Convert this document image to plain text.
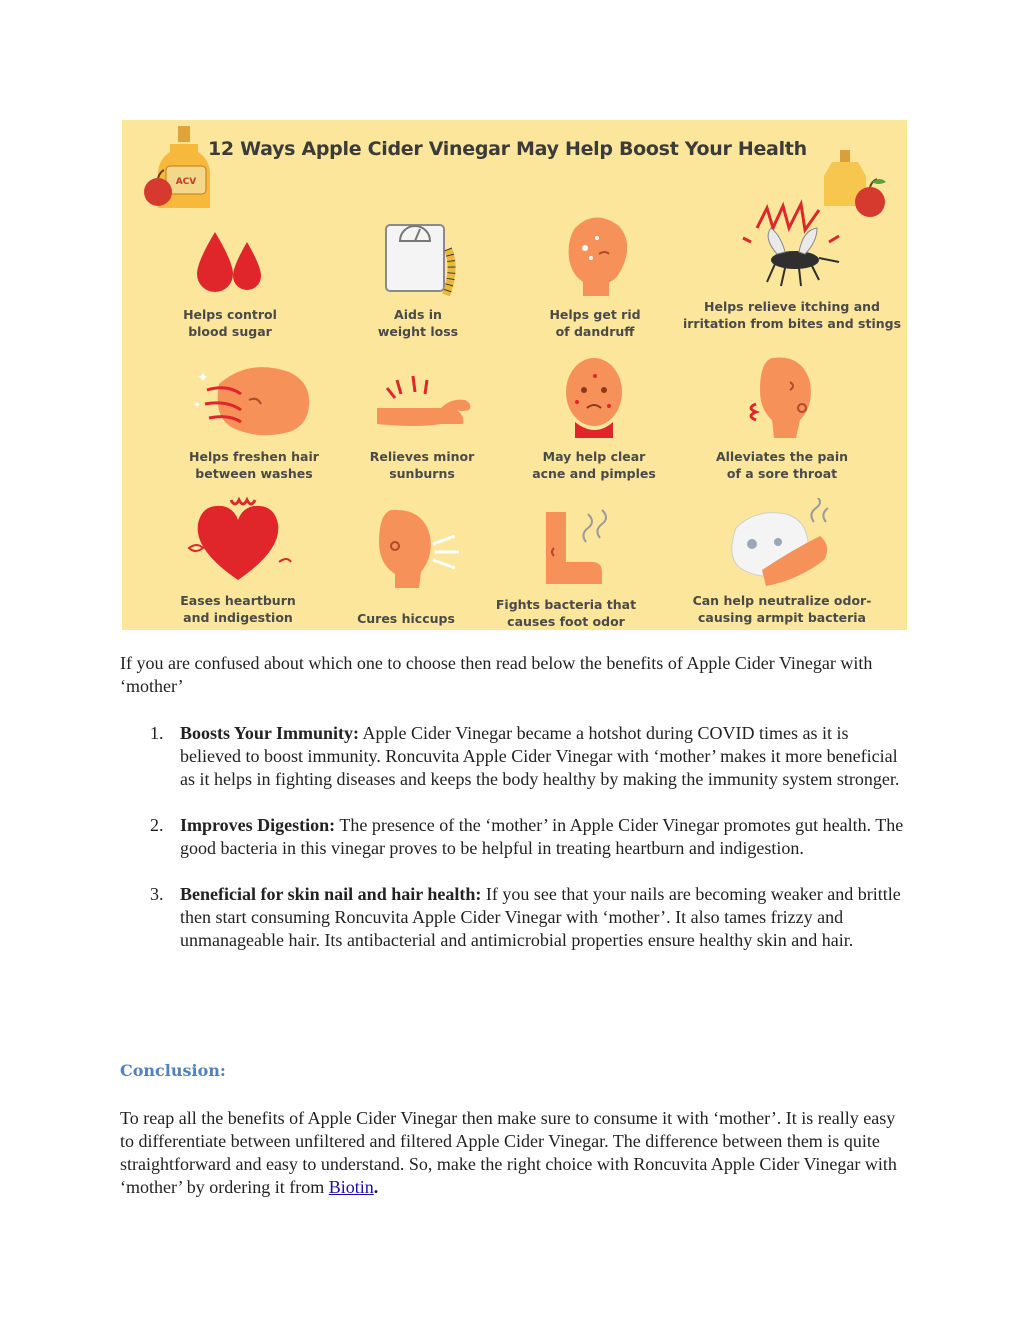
ACV
12 Ways Apple Cider Vinegar May Help Boost Your Health
Helps control
blood sugar
Aids in
weight loss
Helps get rid
of dandruff
Helps relieve itching and
irritation from bites and stings
✦
✦
Helps freshen hair
between washes
Relieves minor
sunburns
May help clear
acne and pimples
Alleviates the pain
of a sore throat
Eases heartburn
and indigestion	Cures hiccups
Fights bacteria that
causes foot odor
Can help neutralize odor-
causing armpit bacteria
If you are confused about which one to choose then read below the benefits of Apple Cider Vinegar with ‘mother’
1. Boosts Your Immunity: Apple Cider Vinegar became a hotshot during COVID times as it is believed to boost immunity. Roncuvita Apple Cider Vinegar with ‘mother’ makes it more beneficial as it helps in fighting diseases and keeps the body healthy by making the immunity system stronger.
2. Improves Digestion: The presence of the ‘mother’ in Apple Cider Vinegar promotes gut health. The good bacteria in this vinegar proves to be helpful in treating heartburn and indigestion.
3. Beneficial for skin nail and hair health: If you see that your nails are becoming weaker and brittle then start consuming Roncuvita Apple Cider Vinegar with ‘mother’. It also tames frizzy and unmanageable hair. Its antibacterial and antimicrobial properties ensure healthy skin and hair.
Conclusion:
To reap all the benefits of Apple Cider Vinegar then make sure to consume it with ‘mother’. It is really easy to differentiate between unfiltered and filtered Apple Cider Vinegar. The difference between them is quite straightforward and easy to understand. So, make the right choice with Roncuvita Apple Cider Vinegar with ‘mother’ by ordering it from Biotin.
